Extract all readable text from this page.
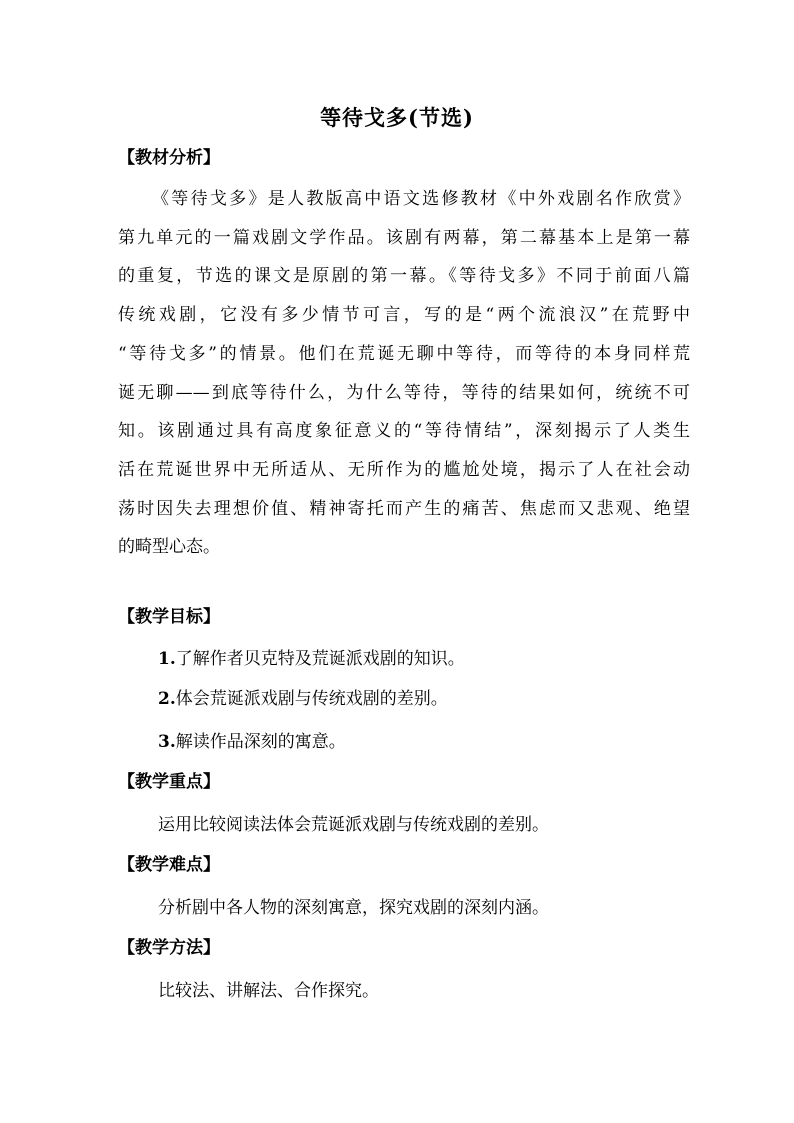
等待戈多(节选)
【教材分析】
《等待戈多》是人教版高中语文选修教材《中外戏剧名作欣赏》
第九单元的一篇戏剧文学作品。该剧有两幕，第二幕基本上是第一幕
的重复，节选的课文是原剧的第一幕。《等待戈多》不同于前面八篇
传统戏剧，它没有多少情节可言，写的是“两个流浪汉”在荒野中
“等待戈多”的情景。他们在荒诞无聊中等待，而等待的本身同样荒
诞无聊——到底等待什么，为什么等待，等待的结果如何，统统不可
知。该剧通过具有高度象征意义的“等待情结”，深刻揭示了人类生
活在荒诞世界中无所适从、无所作为的尴尬处境，揭示了人在社会动
荡时因失去理想价值、精神寄托而产生的痛苦、焦虑而又悲观、绝望
的畸型心态。
【教学目标】
1.了解作者贝克特及荒诞派戏剧的知识。
2.体会荒诞派戏剧与传统戏剧的差别。
3.解读作品深刻的寓意。
【教学重点】
运用比较阅读法体会荒诞派戏剧与传统戏剧的差别。
【教学难点】
分析剧中各人物的深刻寓意，探究戏剧的深刻内涵。
【教学方法】
比较法、讲解法、合作探究。
